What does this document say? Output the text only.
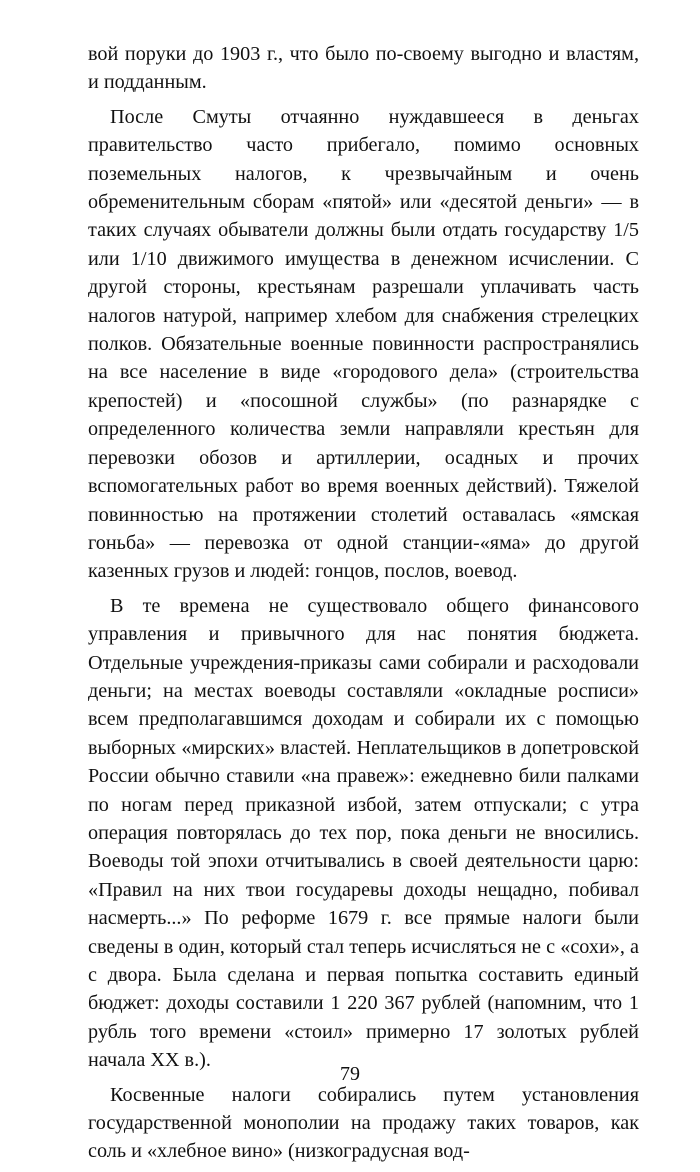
вой поруки до 1903 г., что было по-своему выгодно и властям, и подданным.

После Смуты отчаянно нуждавшееся в деньгах правительство часто прибегало, помимо основных поземельных налогов, к чрезвычайным и очень обременительным сборам «пятой» или «десятой деньги» — в таких случаях обыватели должны были отдать государству 1/5 или 1/10 движимого имущества в денежном исчислении. С другой стороны, крестьянам разрешали уплачивать часть налогов натурой, например хлебом для снабжения стрелецких полков. Обязательные военные повинности распространялись на все население в виде «городового дела» (строительства крепостей) и «посошной службы» (по разнарядке с определенного количества земли направляли крестьян для перевозки обозов и артиллерии, осадных и прочих вспомогательных работ во время военных действий). Тяжелой повинностью на протяжении столетий оставалась «ямская гоньба» — перевозка от одной станции-«яма» до другой казенных грузов и людей: гонцов, послов, воевод.

В те времена не существовало общего финансового управления и привычного для нас понятия бюджета. Отдельные учреждения-приказы сами собирали и расходовали деньги; на местах воеводы составляли «окладные росписи» всем предполагавшимся доходам и собирали их с помощью выборных «мирских» властей. Неплательщиков в допетровской России обычно ставили «на правеж»: ежедневно били палками по ногам перед приказной избой, затем отпускали; с утра операция повторялась до тех пор, пока деньги не вносились. Воеводы той эпохи отчитывались в своей деятельности царю: «Правил на них твои государевы доходы нещадно, побивал насмерть...» По реформе 1679 г. все прямые налоги были сведены в один, который стал теперь исчисляться не с «сохи», а с двора. Была сделана и первая попытка составить единый бюджет: доходы составили 1 220 367 рублей (напомним, что 1 рубль того времени «стоил» примерно 17 золотых рублей начала XX в.).

Косвенные налоги собирались путем установления государственной монополии на продажу таких товаров, как соль и «хлебное вино» (низкоградусная вод-

79
